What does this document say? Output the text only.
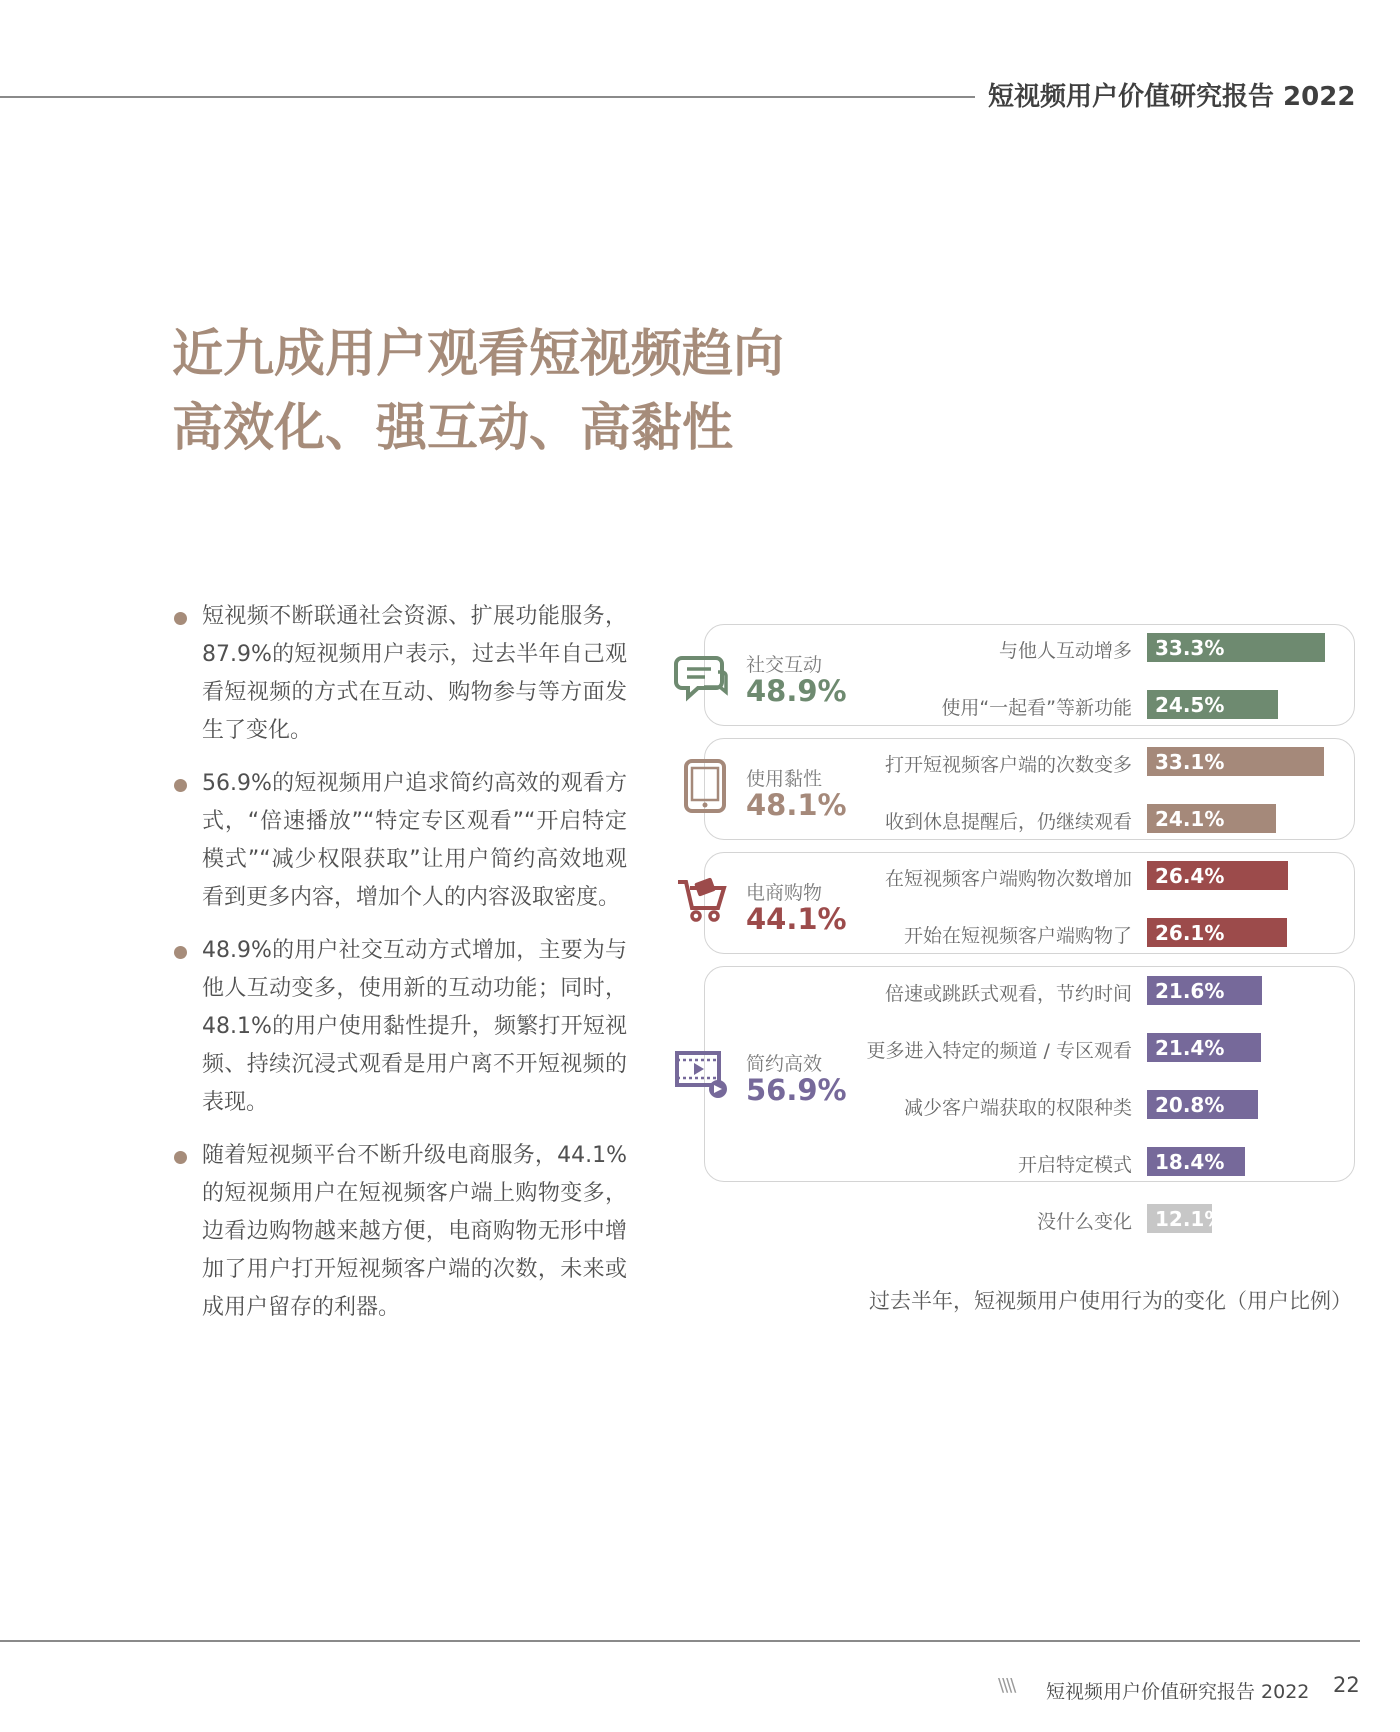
短视频用户价值研究报告 2022
近九成用户观看短视频趋向
高效化、强互动、高黏性
短视频不断联通社会资源、扩展功能服务，87.9%的短视频用户表示，过去半年自己观看短视频的方式在互动、购物参与等方面发生了变化。
56.9%的短视频用户追求简约高效的观看方式，“倍速播放”“特定专区观看”“开启特定模式”“减少权限获取”让用户简约高效地观看到更多内容，增加个人的内容汲取密度。
48.9%的用户社交互动方式增加，主要为与他人互动变多，使用新的互动功能；同时，48.1%的用户使用黏性提升，频繁打开短视频、持续沉浸式观看是用户离不开短视频的表现。
随着短视频平台不断升级电商服务，44.1%的短视频用户在短视频客户端上购物变多，边看边购物越来越方便，电商购物无形中增加了用户打开短视频客户端的次数，未来或成用户留存的利器。
社交互动
48.9%
使用黏性
48.1%
电商购物
44.1%
简约高效
56.9%
与他人互动增多 33.3%
使用“一起看”等新功能 24.5%
打开短视频客户端的次数变多 33.1%
收到休息提醒后，仍继续观看 24.1%
在短视频客户端购物次数增加 26.4%
开始在短视频客户端购物了 26.1%
倍速或跳跃式观看，节约时间 21.6%
更多进入特定的频道 / 专区观看 21.4%
减少客户端获取的权限种类 20.8%
开启特定模式 18.4%
没什么变化 12.1%
过去半年，短视频用户使用行为的变化（用户比例）
\\\\ 短视频用户价值研究报告 2022 22
